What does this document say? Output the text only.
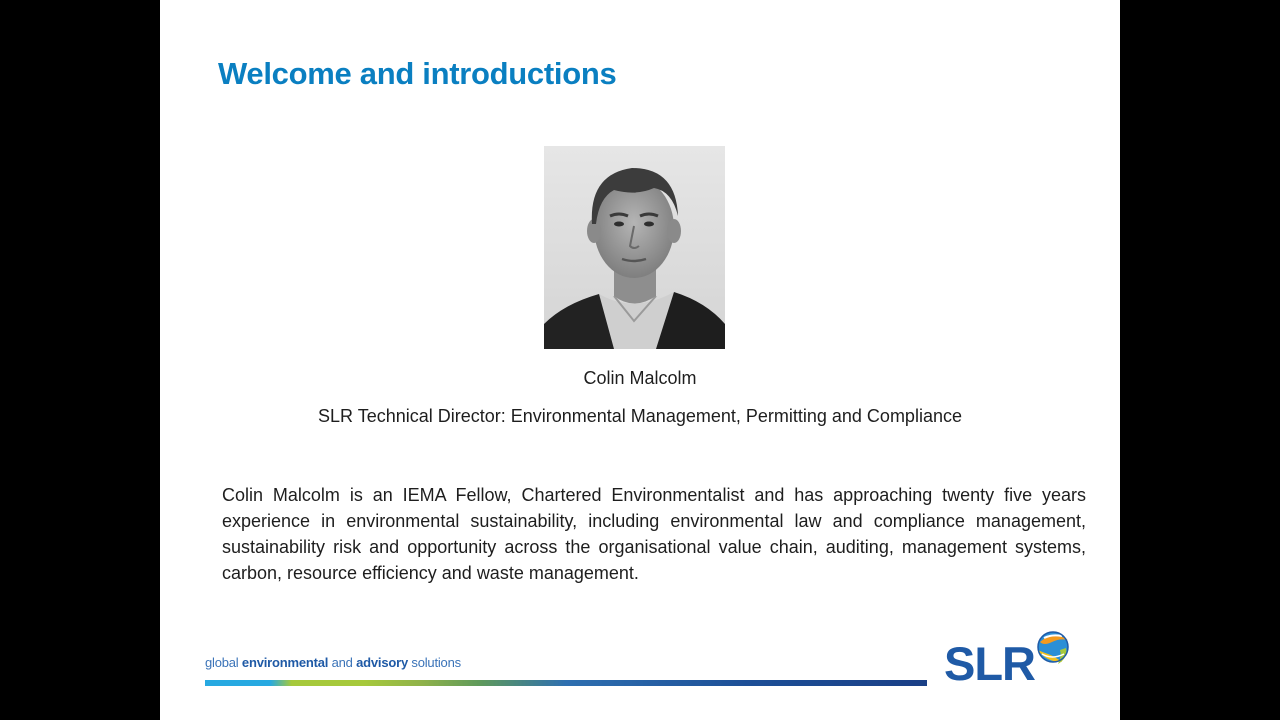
Welcome and introductions
Colin Malcolm
SLR Technical Director: Environmental Management, Permitting and Compliance

Colin Malcolm is an IEMA Fellow, Chartered Environmentalist and has approaching twenty five years experience in environmental sustainability, including environmental law and compliance management, sustainability risk and opportunity across the organisational value chain, auditing, management systems, carbon, resource efficiency and waste management.

global environmental and advisory solutions	SLR
